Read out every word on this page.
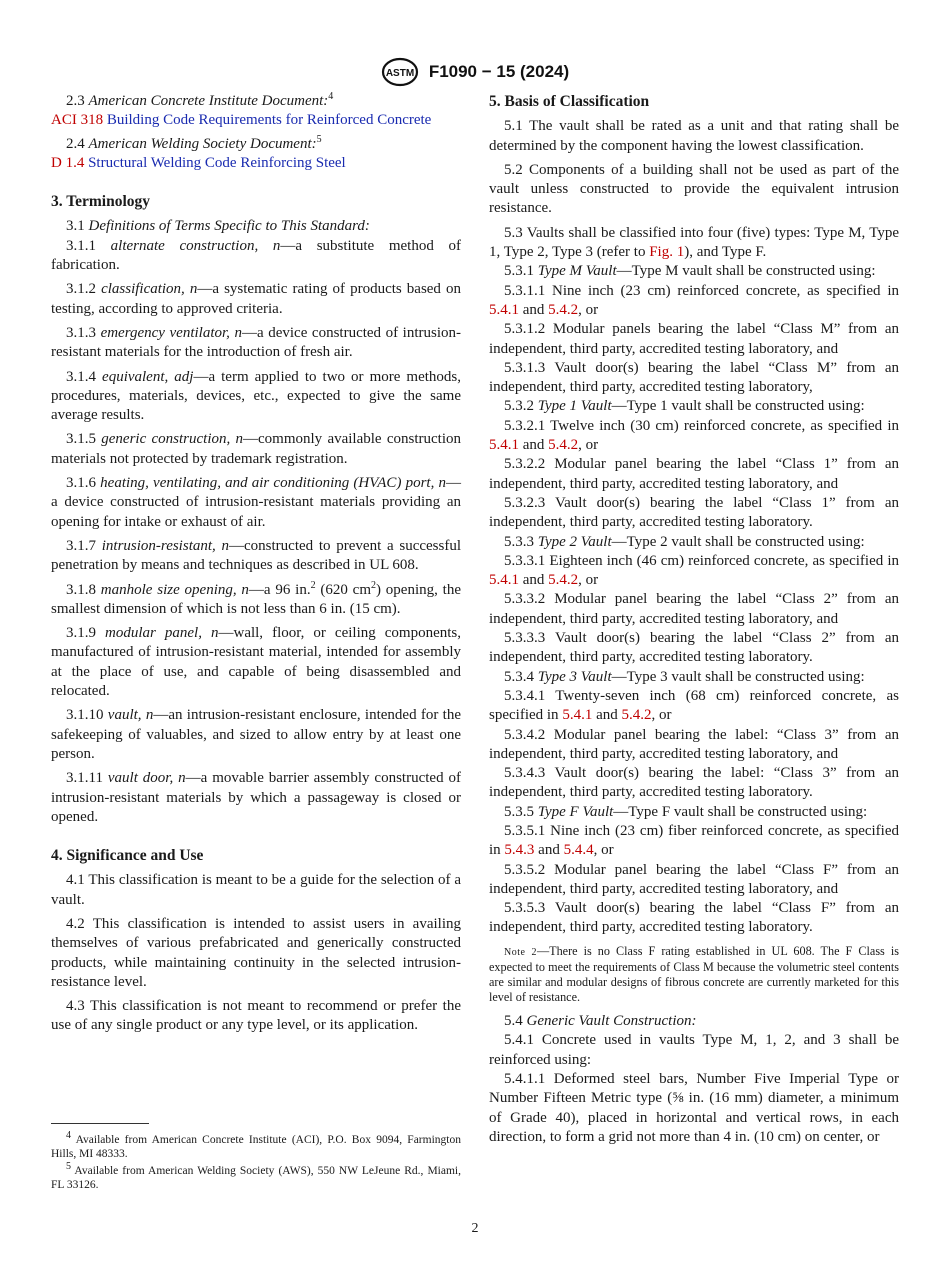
ASTM F1090 − 15 (2024)

2.3 American Concrete Institute Document:$^4$

ACI 318 Building Code Requirements for Reinforced Concrete

2.4 American Welding Society Document:$^5$

D 1.4 Structural Welding Code Reinforcing Steel

3. Terminology

3.1 Definitions of Terms Specific to This Standard:

3.1.1 alternate construction, n—a substitute method of fabrication.

3.1.2 classification, n—a systematic rating of products based on testing, according to approved criteria.

3.1.3 emergency ventilator, n—a device constructed of intrusion-resistant materials for the introduction of fresh air.

3.1.4 equivalent, adj—a term applied to two or more methods, procedures, materials, devices, etc., expected to give the same average results.

3.1.5 generic construction, n—commonly available construction materials not protected by trademark registration.

3.1.6 heating, ventilating, and air conditioning (HVAC) port, n—a device constructed of intrusion-resistant materials providing an opening for intake or exhaust of air.

3.1.7 intrusion-resistant, n—constructed to prevent a successful penetration by means and techniques as described in UL 608.

3.1.8 manhole size opening, n—a 96 in.$^2$ (620 $cm^2$) opening, the smallest dimension of which is not less than 6 in. (15 cm).

3.1.9 modular panel, n—wall, floor, or ceiling components, manufactured of intrusion-resistant material, intended for assembly at the place of use, and capable of being disassembled and relocated.

3.1.10 vault, n—an intrusion-resistant enclosure, intended for the safekeeping of valuables, and sized to allow entry by at least one person.

3.1.11 vault door, n—a movable barrier assembly constructed of intrusion-resistant materials by which a passageway is closed or opened.

4. Significance and Use

4.1 This classification is meant to be a guide for the selection of a vault.

4.2 This classification is intended to assist users in availing themselves of various prefabricated and generically constructed products, while maintaining continuity in the selected intrusion-resistance level.

4.3 This classification is not meant to recommend or prefer the use of any single product or any type level, or its application.

$^4$ Available from American Concrete Institute (ACI), P.O. Box 9094, Farmington Hills, MI 48333.

$^5$ Available from American Welding Society (AWS), 550 NW LeJeune Rd., Miami, FL 33126.

5. Basis of Classification

5.1 The vault shall be rated as a unit and that rating shall be determined by the component having the lowest classification.

5.2 Components of a building shall not be used as part of the vault unless constructed to provide the equivalent intrusion resistance.

5.3 Vaults shall be classified into four (five) types: Type M, Type 1, Type 2, Type 3 (refer to Fig. 1), and Type F.

5.3.1 Type M Vault—Type M vault shall be constructed using:

5.3.1.1 Nine inch (23 cm) reinforced concrete, as specified in 5.4.1 and 5.4.2, or

5.3.1.2 Modular panels bearing the label “Class M” from an independent, third party, accredited testing laboratory, and

5.3.1.3 Vault door(s) bearing the label “Class M” from an independent, third party, accredited testing laboratory,

5.3.2 Type 1 Vault—Type 1 vault shall be constructed using:

5.3.2.1 Twelve inch (30 cm) reinforced concrete, as specified in 5.4.1 and 5.4.2, or

5.3.2.2 Modular panel bearing the label “Class 1” from an independent, third party, accredited testing laboratory, and

5.3.2.3 Vault door(s) bearing the label “Class 1” from an independent, third party, accredited testing laboratory.

5.3.3 Type 2 Vault—Type 2 vault shall be constructed using:

5.3.3.1 Eighteen inch (46 cm) reinforced concrete, as specified in 5.4.1 and 5.4.2, or

5.3.3.2 Modular panel bearing the label “Class 2” from an independent, third party, accredited testing laboratory, and

5.3.3.3 Vault door(s) bearing the label “Class 2” from an independent, third party, accredited testing laboratory.

5.3.4 Type 3 Vault—Type 3 vault shall be constructed using:

5.3.4.1 Twenty-seven inch (68 cm) reinforced concrete, as specified in 5.4.1 and 5.4.2, or

5.3.4.2 Modular panel bearing the label: “Class 3” from an independent, third party, accredited testing laboratory, and

5.3.4.3 Vault door(s) bearing the label: “Class 3” from an independent, third party, accredited testing laboratory.

5.3.5 Type F Vault—Type F vault shall be constructed using:

5.3.5.1 Nine inch (23 cm) fiber reinforced concrete, as specified in 5.4.3 and 5.4.4, or

5.3.5.2 Modular panel bearing the label “Class F” from an independent, third party, accredited testing laboratory, and

5.3.5.3 Vault door(s) bearing the label “Class F” from an independent, third party, accredited testing laboratory.

Note 2—There is no Class F rating established in UL 608. The F Class is expected to meet the requirements of Class M because the volumetric steel contents are similar and modular designs of fibrous concrete are currently marketed for this level of resistance.

5.4 Generic Vault Construction:

5.4.1 Concrete used in vaults Type M, 1, 2, and 3 shall be reinforced using:

5.4.1.1 Deformed steel bars, Number Five Imperial Type or Number Fifteen Metric type (⅝ in. (16 mm) diameter, a minimum of Grade 40), placed in horizontal and vertical rows, in each direction, to form a grid not more than 4 in. (10 cm) on center, or

2
